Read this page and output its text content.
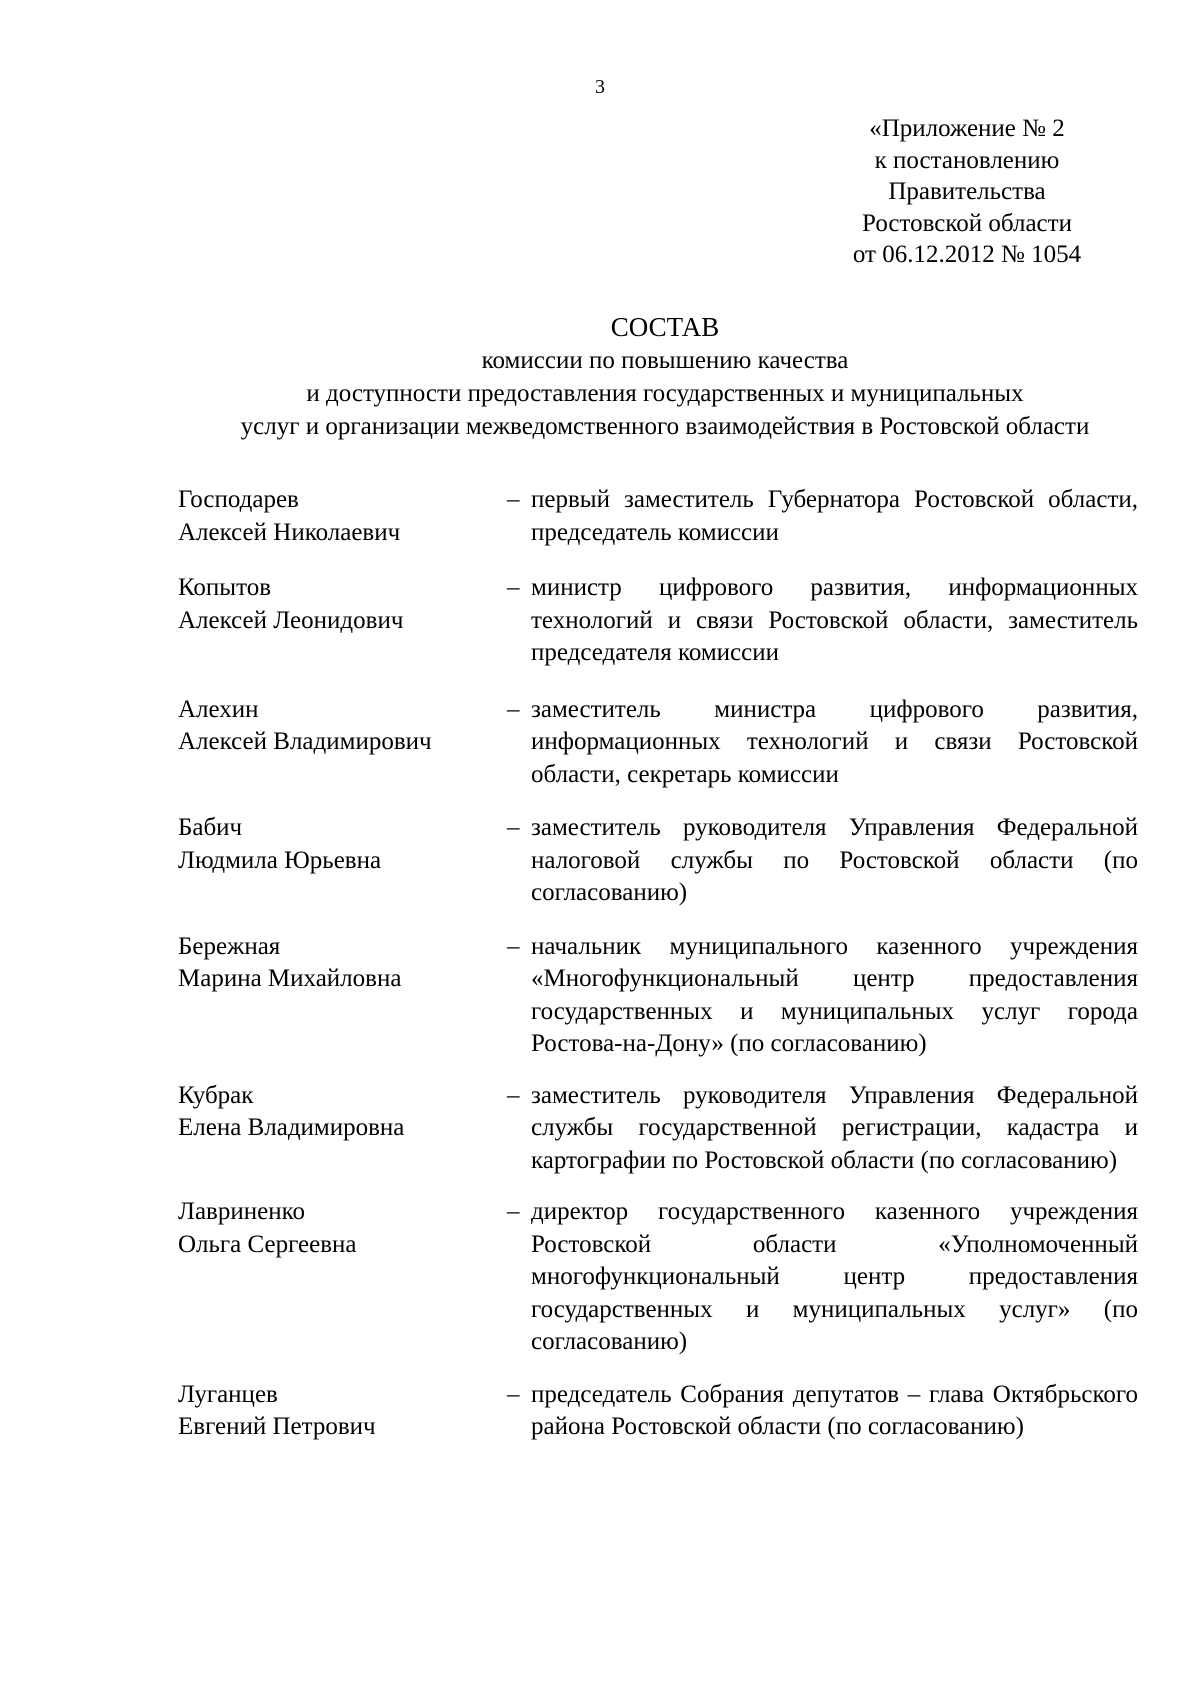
3
«Приложение № 2
к постановлению
Правительства
Ростовской области
от 06.12.2012 № 1054
СОСТАВ
комиссии по повышению качества
и доступности предоставления государственных и муниципальных
услуг и организации межведомственного взаимодействия в Ростовской области
Господарев
Алексей Николаевич
– первый заместитель Губернатора Ростовской области, председатель комиссии
Копытов
Алексей Леонидович
– министр цифрового развития, информационных технологий и связи Ростовской области, заместитель председателя комиссии
Алехин
Алексей Владимирович
– заместитель министра цифрового развития, информационных технологий и связи Ростовской области, секретарь комиссии
Бабич
Людмила Юрьевна
– заместитель руководителя Управления Федеральной налоговой службы по Ростовской области (по согласованию)
Бережная
Марина Михайловна
– начальник муниципального казенного учреждения «Многофункциональный центр предоставления государственных и муниципальных услуг города Ростова-на-Дону» (по согласованию)
Кубрак
Елена Владимировна
– заместитель руководителя Управления Федеральной службы государственной регистрации, кадастра и картографии по Ростовской области (по согласованию)
Лавриненко
Ольга Сергеевна
– директор государственного казенного учреждения Ростовской области «Уполномоченный многофункциональный центр предоставления государственных и муниципальных услуг» (по согласованию)
Луганцев
Евгений Петрович
– председатель Собрания депутатов – глава Октябрьского района Ростовской области (по согласованию)
